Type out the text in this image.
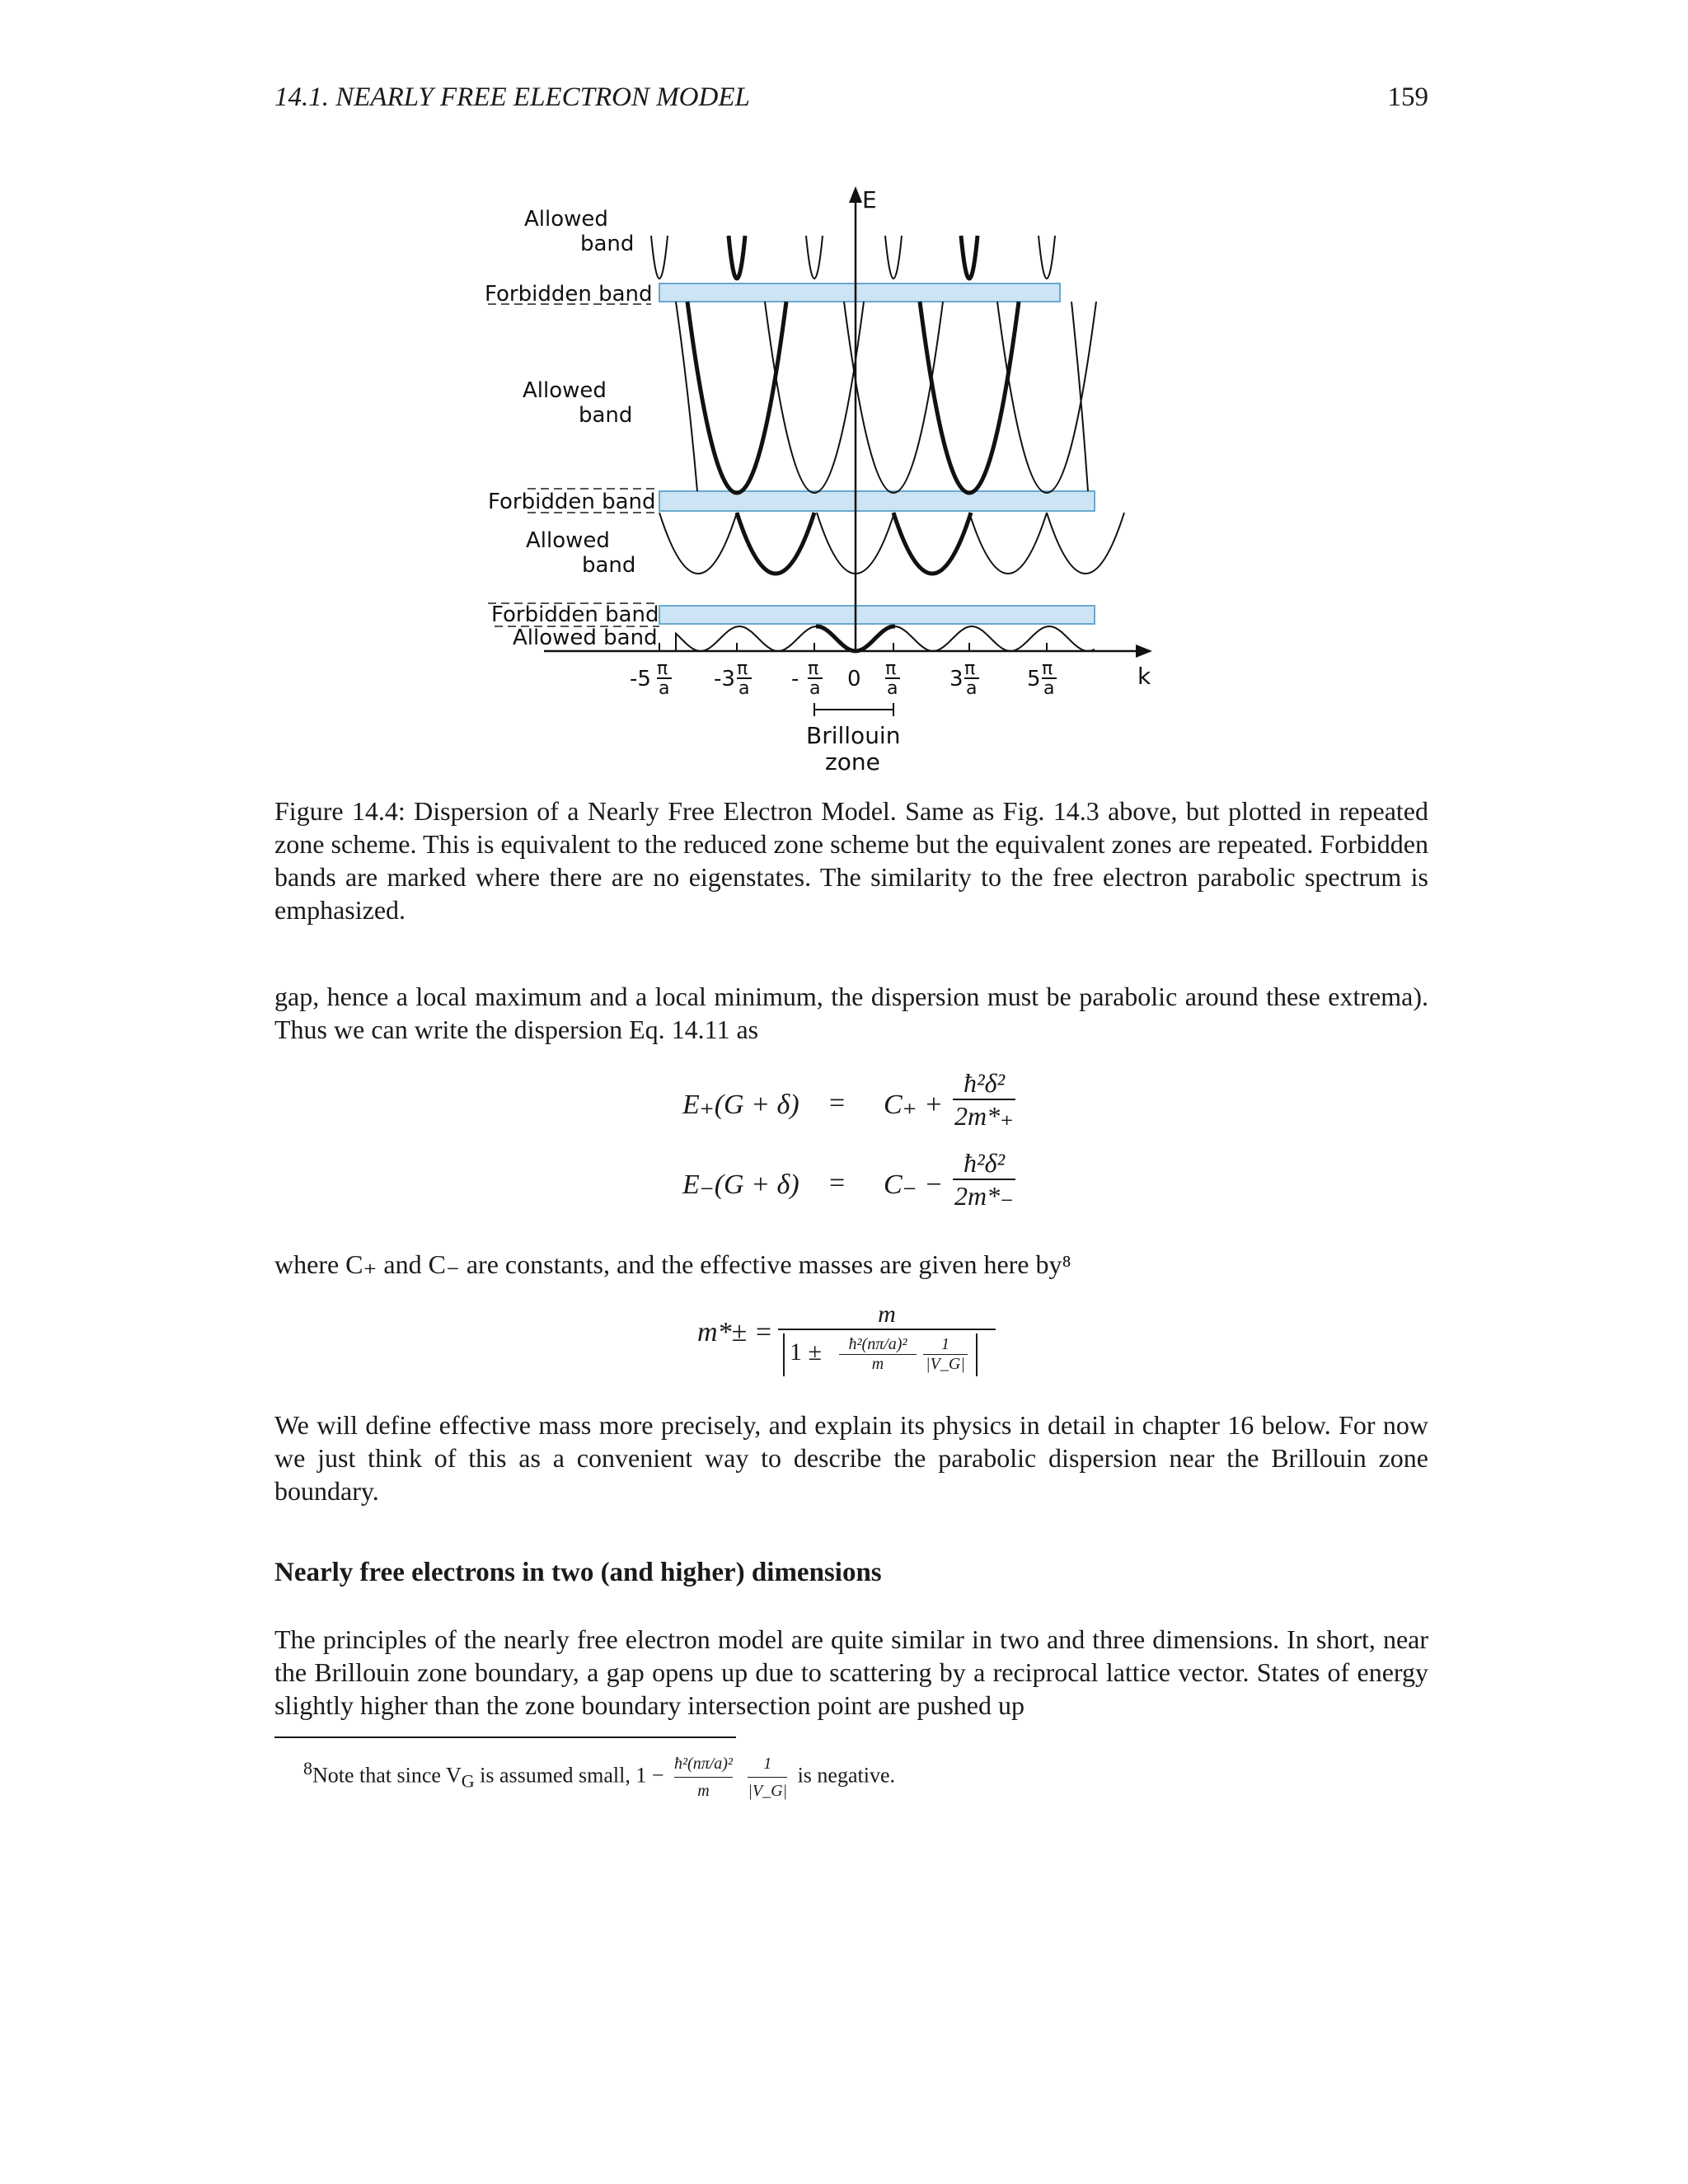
14.1. NEARLY FREE ELECTRON MODEL	159
E
k
Allowed
band
Forbidden band
Allowed
band
Forbidden band
Allowed
band
Forbidden band
Allowed band
-5 π
a -3 π
a - π
a 0 π
a 3 π
a 5 π
a
Brillouin
zone
Figure 14.4: Dispersion of a Nearly Free Electron Model. Same as Fig. 14.3 above, but plotted in repeated zone scheme. This is equivalent to the reduced zone scheme but the equivalent zones are repeated. Forbidden bands are marked where there are no eigenstates. The similarity to the free electron parabolic spectrum is emphasized.
gap, hence a local maximum and a local minimum, the dispersion must be parabolic around these extrema). Thus we can write the dispersion Eq. 14.11 as
$E_+(G + \delta) = C_+ + \frac{\text{ħ²δ²}}{2m*_+}$
$E_-(G + \delta) = C_- - \frac{\text{ħ²δ²}}{2m*_-}$
where C₊ and C₋ are constants, and the effective masses are given here by⁸
m*± =
m
$1 \pm \frac{\text{ħ²(nπ/a)²}}{m} \frac{1}{|V\_G|}$
We will define effective mass more precisely, and explain its physics in detail in chapter 16 below. For now we just think of this as a convenient way to describe the parabolic dispersion near the Brillouin zone boundary.
Nearly free electrons in two (and higher) dimensions
The principles of the nearly free electron model are quite similar in two and three dimensions. In short, near the Brillouin zone boundary, a gap opens up due to scattering by a reciprocal lattice vector. States of energy slightly higher than the zone boundary intersection point are pushed up
$^8$Note that since $V_G$ is assumed small, $1 - \frac{\text{ħ²(nπ/a)²}}{m}$
$\frac{1}{|V\_G|}$ is negative.
